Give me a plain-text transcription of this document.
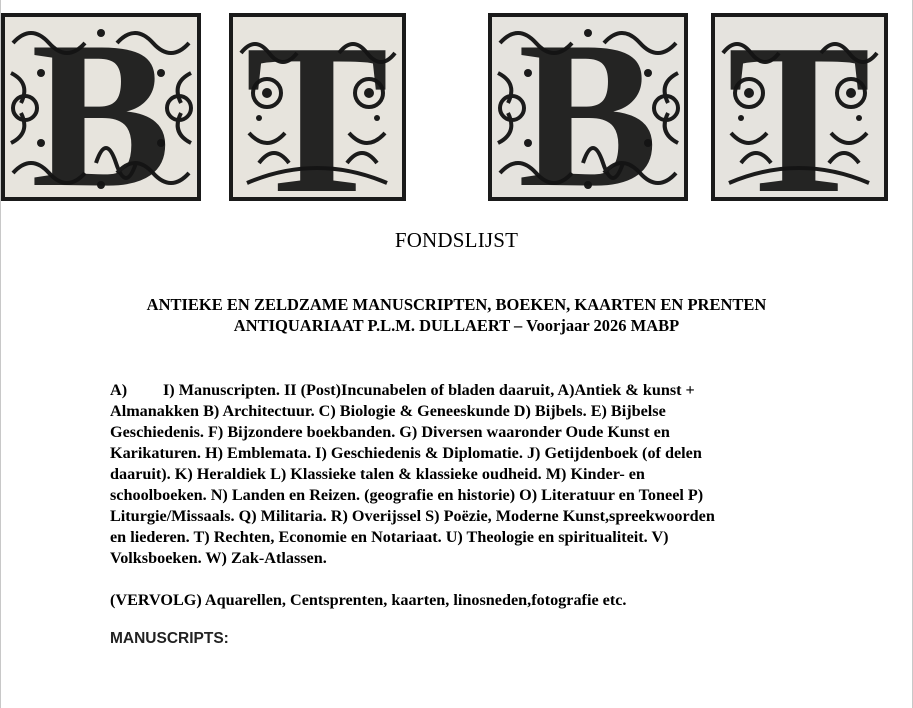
B T B T
FONDSLIJST
ANTIEKE EN ZELDZAME MANUSCRIPTEN, BOEKEN, KAARTEN EN PRENTEN
ANTIQUARIAAT P.L.M. DULLAERT – Voorjaar 2026 MABP
A) I) Manuscripten. II (Post)Incunabelen of bladen daaruit, A)Antiek & kunst +
Almanakken B) Architectuur. C) Biologie & Geneeskunde D) Bijbels. E) Bijbelse
Geschiedenis. F) Bijzondere boekbanden. G) Diversen waaronder Oude Kunst en
Karikaturen. H) Emblemata. I) Geschiedenis & Diplomatie. J) Getijdenboek (of delen
daaruit). K) Heraldiek L) Klassieke talen & klassieke oudheid. M) Kinder- en
schoolboeken. N) Landen en Reizen. (geografie en historie) O) Literatuur en Toneel P)
Liturgie/Missaals. Q) Militaria. R) Overijssel S) Poëzie, Moderne Kunst,spreekwoorden
en liederen. T) Rechten, Economie en Notariaat. U) Theologie en spiritualiteit. V)
Volksboeken. W) Zak-Atlassen.
(VERVOLG) Aquarellen, Centsprenten, kaarten, linosneden,fotografie etc.
MANUSCRIPTS:
